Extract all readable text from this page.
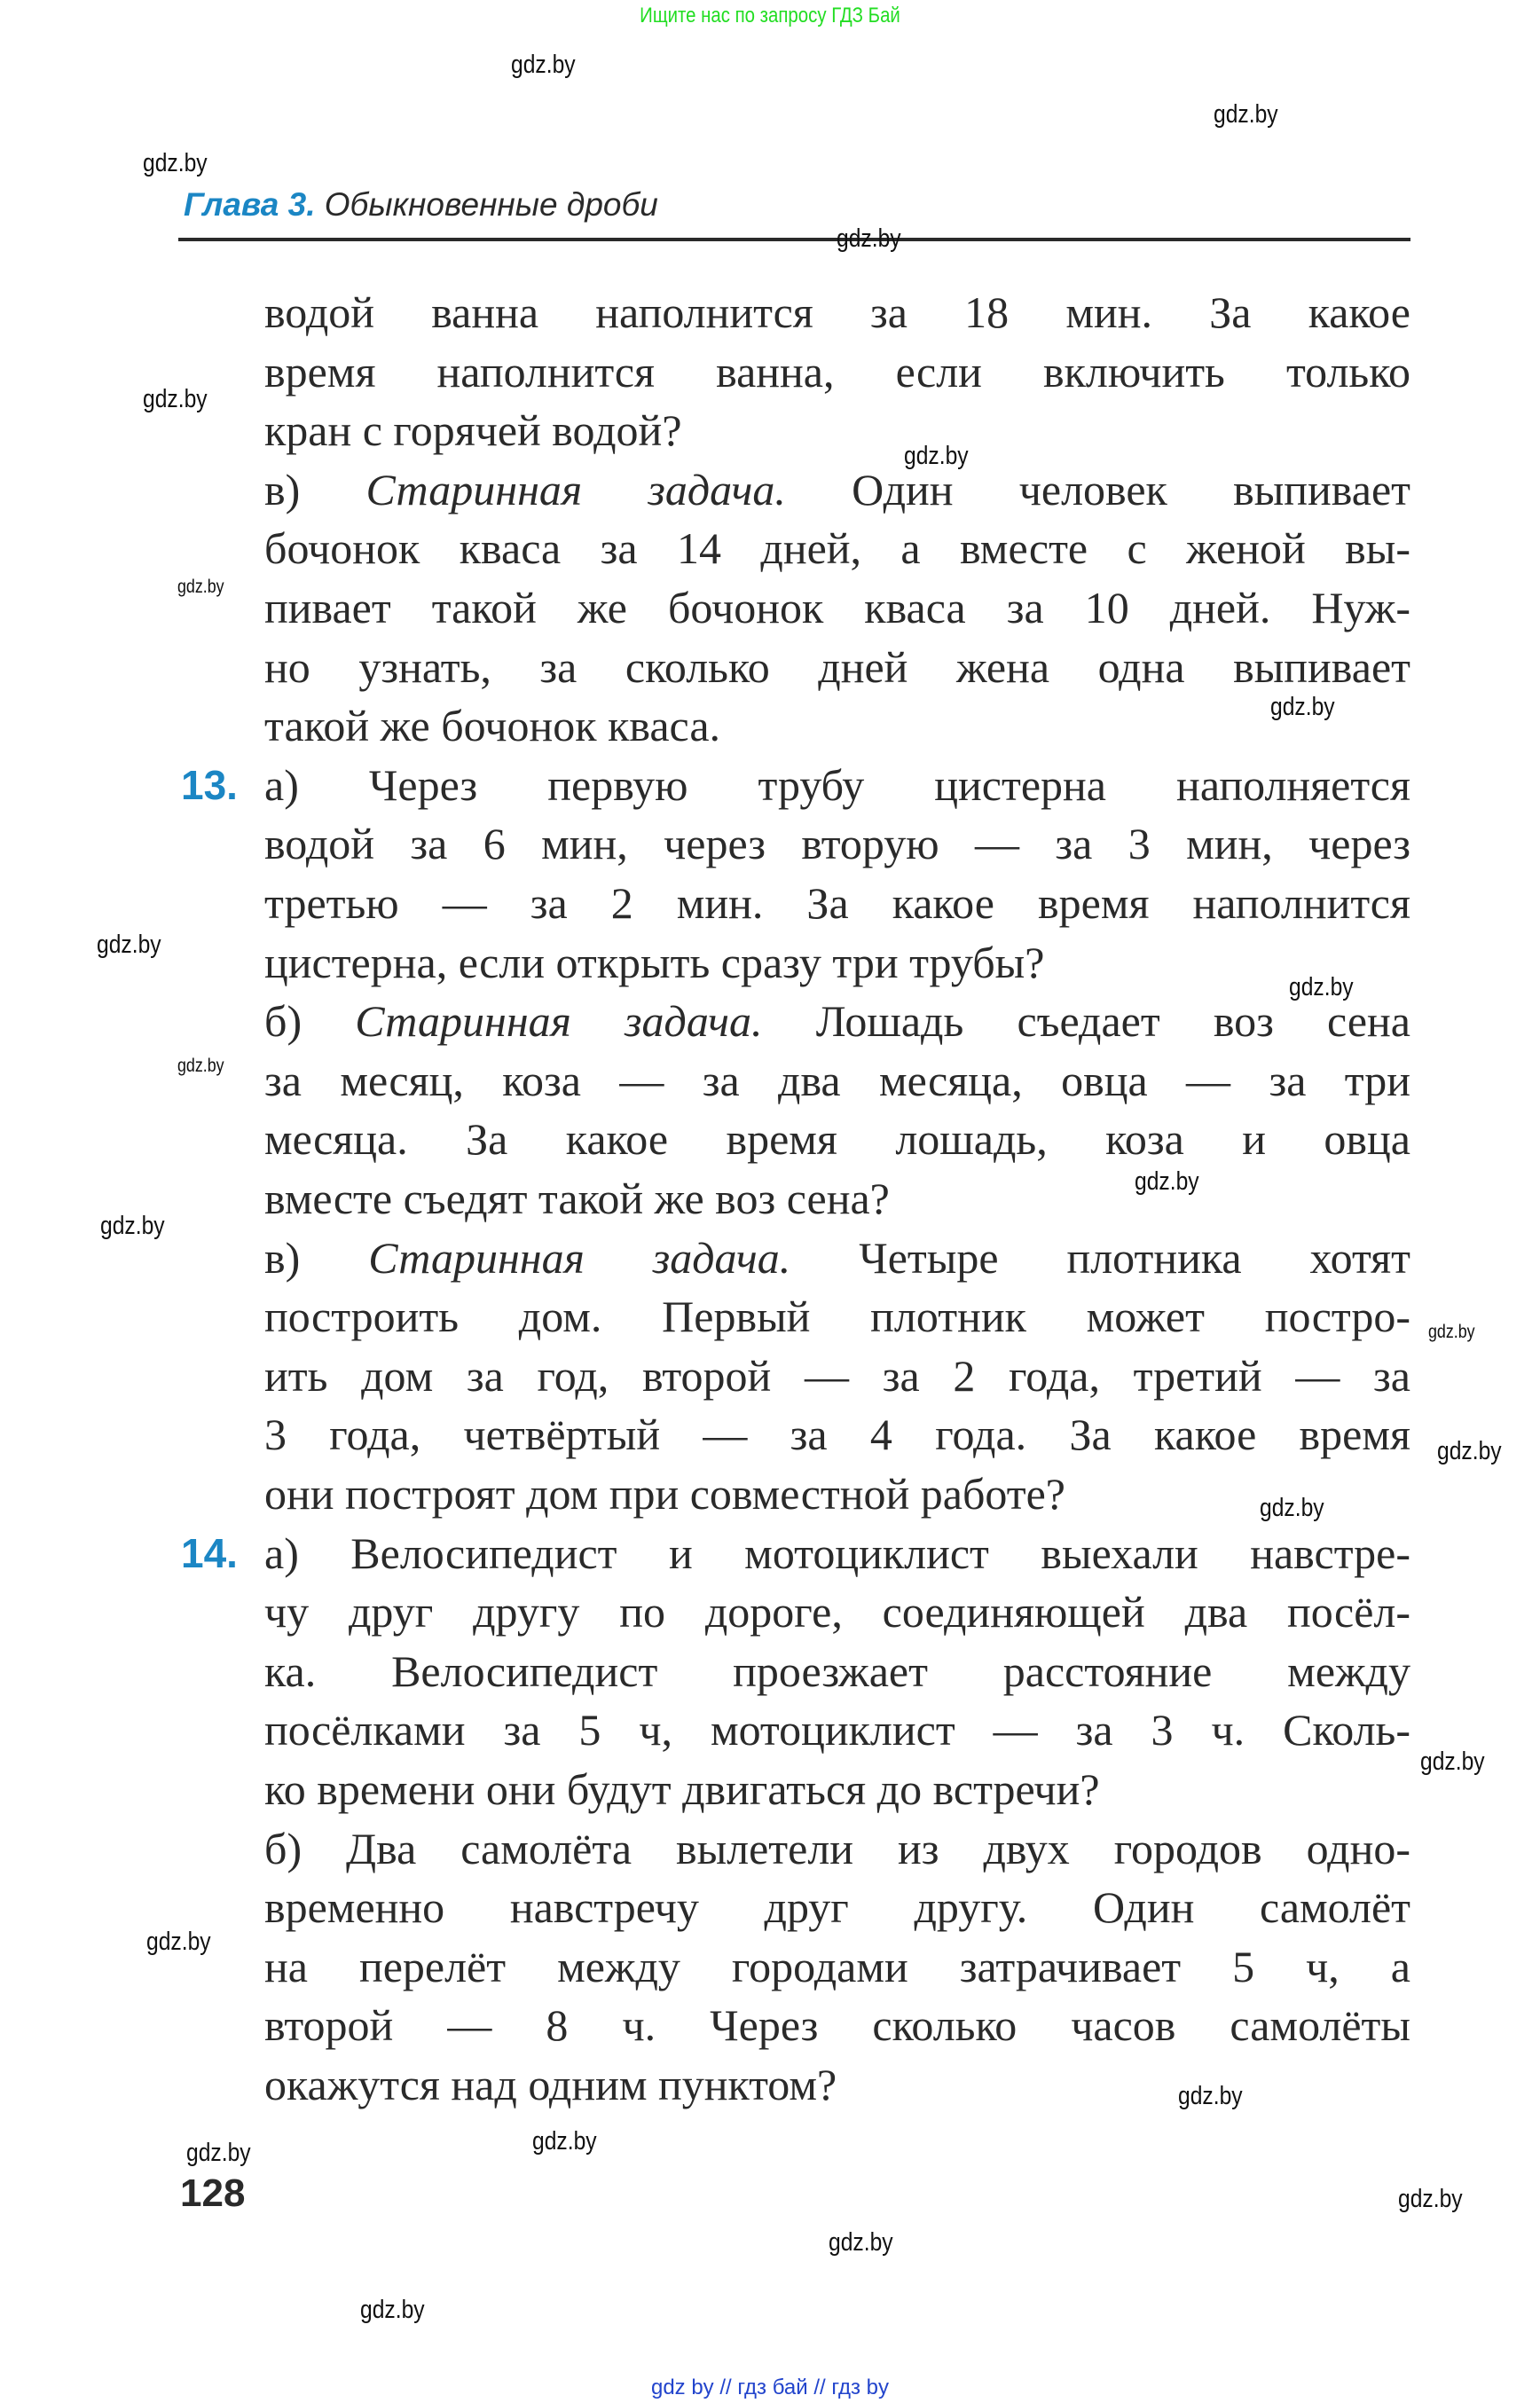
Ищите нас по запросу ГДЗ Бай
Глава 3. Обыкновенные дроби
водой ванна наполнится за 18 мин. За какое
время наполнится ванна, если включить только
кран с горячей водой?
в) Старинная задача. Один человек выпивает
бочонок кваса за 14 дней, а вместе с женой вы-
пивает такой же бочонок кваса за 10 дней. Нуж-
но узнать, за сколько дней жена одна выпивает
такой же бочонок кваса.
а) Через первую трубу цистерна наполняется
водой за 6 мин, через вторую — за 3 мин, через
третью — за 2 мин. За какое время наполнится
цистерна, если открыть сразу три трубы?
б) Старинная задача. Лошадь съедает воз сена
за месяц, коза — за два месяца, овца — за три
месяца. За какое время лошадь, коза и овца
вместе съедят такой же воз сена?
в) Старинная задача. Четыре плотника хотят
построить дом. Первый плотник может постро-
ить дом за год, второй — за 2 года, третий — за
3 года, четвёртый — за 4 года. За какое время
они построят дом при совместной работе?
а) Велосипедист и мотоциклист выехали навстре-
чу друг другу по дороге, соединяющей два посёл-
ка. Велосипедист проезжает расстояние между
посёлками за 5 ч, мотоциклист — за 3 ч. Сколь-
ко времени они будут двигаться до встречи?
б) Два самолёта вылетели из двух городов одно-
временно навстречу друг другу. Один самолёт
на перелёт между городами затрачивает 5 ч, а
второй — 8 ч. Через сколько часов самолёты
окажутся над одним пунктом?
13.
14.
128
gdz.by
gdz.by
gdz.by
gdz.by
gdz.by
gdz.by
gdz.by
gdz.by
gdz.by
gdz.by
gdz.by
gdz.by
gdz.by
gdz.by
gdz.by
gdz.by
gdz.by
gdz.by
gdz.by
gdz.by
gdz.by
gdz.by
gdz.by
gdz.by
gdz by // гдз бай // гдз by
